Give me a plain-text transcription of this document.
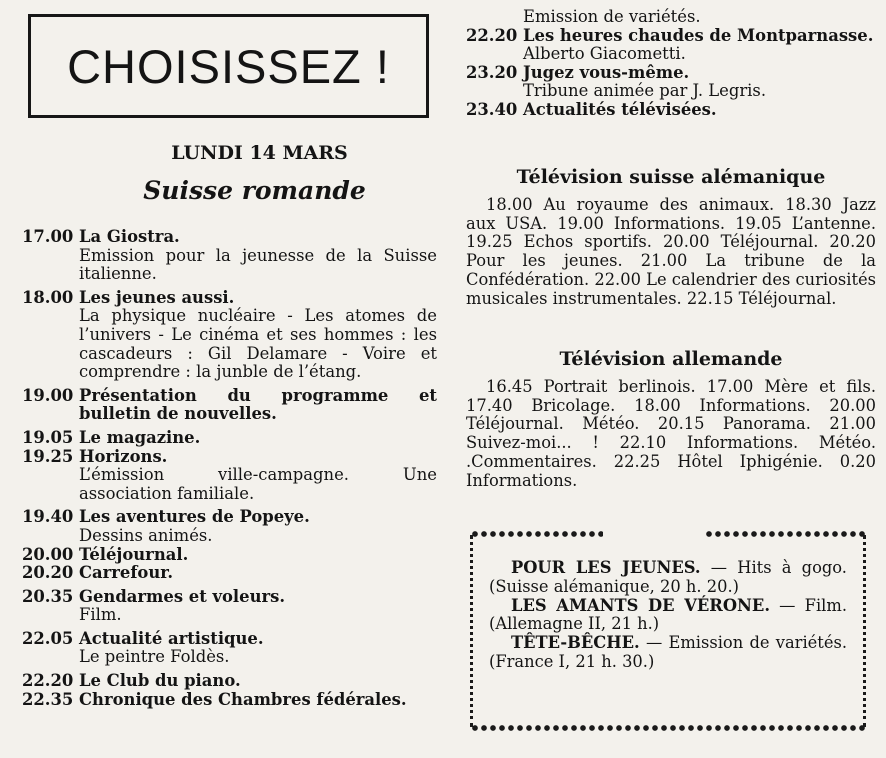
CHOISISSEZ !
LUNDI 14 MARS
Suisse romande
17.00 La Giostra.
Emission pour la jeunesse de la Suisse italienne.
18.00 Les jeunes aussi.
La physique nucléaire - Les atomes de l’univers - Le cinéma et ses hommes : les cascadeurs : Gil Delamare - Voire et comprendre : la junble de l’étang.
19.00 Présentation du programme et bulletin de nouvelles.
19.05 Le magazine.
19.25 Horizons.
L’émission ville-campagne. Une association familiale.
19.40 Les aventures de Popeye.
Dessins animés.
20.00 Téléjournal.
20.20 Carrefour.
20.35 Gendarmes et voleurs.
Film.
22.05 Actualité artistique.
Le peintre Foldès.
22.20 Le Club du piano.
22.35 Chronique des Chambres fédérales.
Emission de variétés.
22.20 Les heures chaudes de Montparnasse.
Alberto Giacometti.
23.20 Jugez vous-même.
Tribune animée par J. Legris.
23.40 Actualités télévisées.
Télévision suisse alémanique
18.00 Au royaume des animaux. 18.30 Jazz aux USA. 19.00 Informations. 19.05 L’antenne. 19.25 Echos sportifs. 20.00 Téléjournal. 20.20 Pour les jeunes. 21.00 La tribune de la Confédération. 22.00 Le calendrier des curiosités musicales instrumentales. 22.15 Téléjournal.
Télévision allemande
16.45 Portrait berlinois. 17.00 Mère et fils. 17.40 Bricolage. 18.00 Informations. 20.00 Téléjournal. Météo. 20.15 Panorama. 21.00 Suivez-moi... ! 22.10 Informations. Météo. .Commentaires. 22.25 Hôtel Iphigénie. 0.20 Informations.
POUR LES JEUNES. — Hits à gogo. (Suisse alémanique, 20 h. 20.)
LES AMANTS DE VÉRONE. — Film. (Allemagne II, 21 h.)
TÊTE-BÊCHE. — Emission de variétés. (France I, 21 h. 30.)
